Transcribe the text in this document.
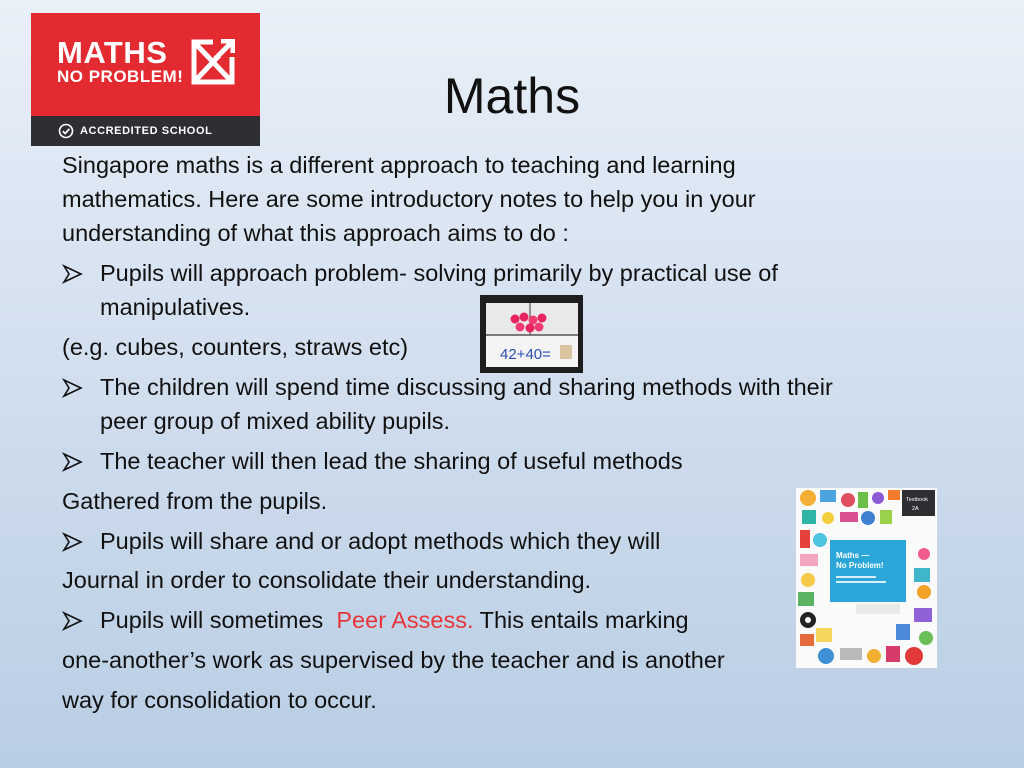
MATHS
NO PROBLEM!
ACCREDITED SCHOOL
Maths
Singapore maths is a different approach to teaching and learning
mathematics. Here are some introductory notes to help you in your
understanding of what this approach aims to do :
Pupils will approach problem- solving primarily by practical use of
manipulatives.
(e.g. cubes, counters, straws etc)
The children will spend time discussing and sharing methods with their
peer group of mixed ability pupils.
The teacher will then lead the sharing of useful methods
Gathered from the pupils.
Pupils will share and or adopt methods which they will
Journal in order to consolidate their understanding.
Pupils will sometimes  Peer Assess. This entails marking
one-another’s work as supervised by the teacher and is another
way for consolidation to occur.
42+40=
Maths —
No Problem!
Textbook
2A
